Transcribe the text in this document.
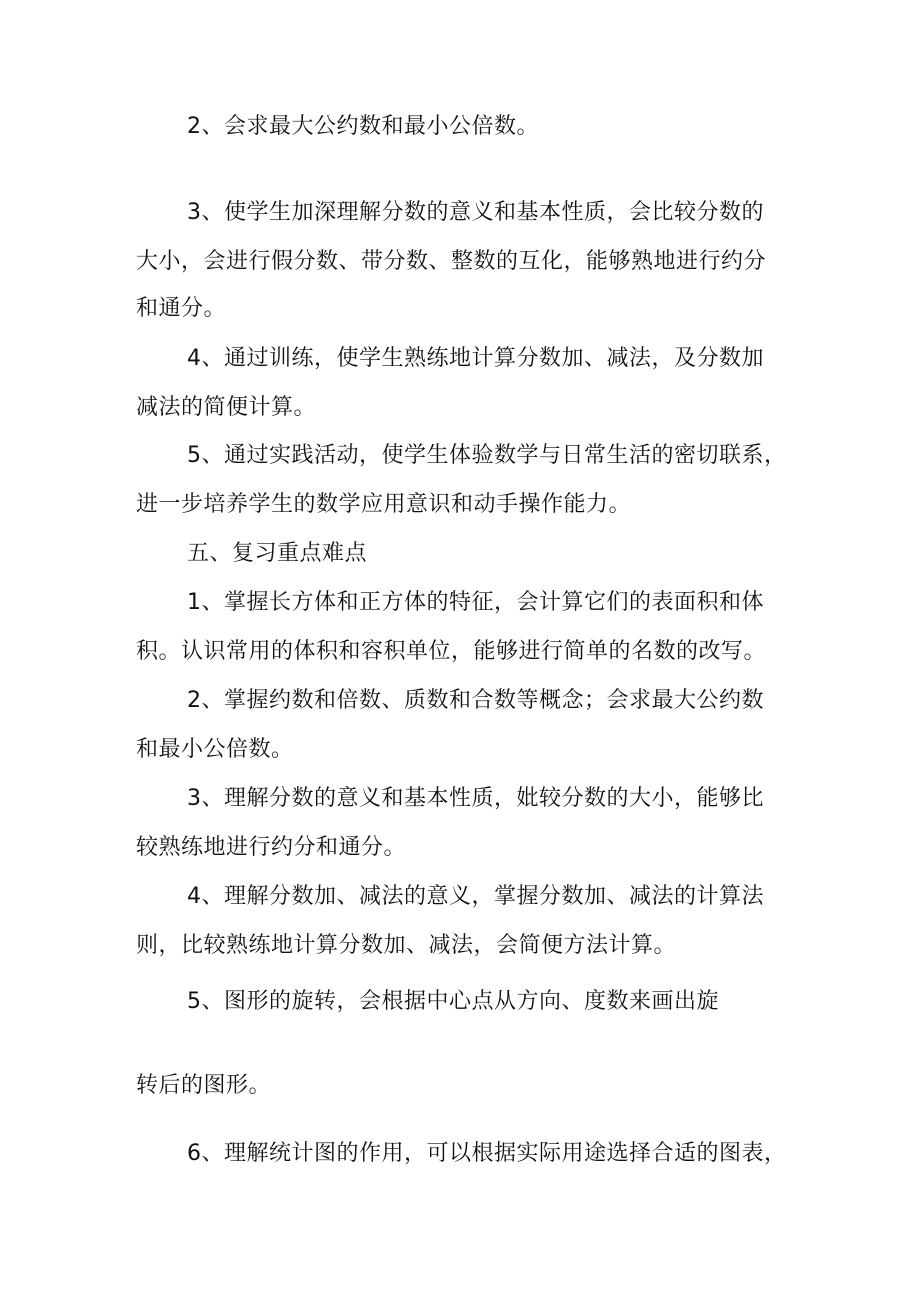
2、会求最大公约数和最小公倍数。
3、使学生加深理解分数的意义和基本性质，会比较分数的
大小，会进行假分数、带分数、整数的互化，能够熟地进行约分
和通分。
4、通过训练，使学生熟练地计算分数加、减法，及分数加
减法的简便计算。
5、通过实践活动，使学生体验数学与日常生活的密切联系，
进一步培养学生的数学应用意识和动手操作能力。
五、复习重点难点
1、掌握长方体和正方体的特征，会计算它们的表面积和体
积。认识常用的体积和容积单位，能够进行简单的名数的改写。
2、掌握约数和倍数、质数和合数等概念；会求最大公约数
和最小公倍数。
3、理解分数的意义和基本性质，妣较分数的大小，能够比
较熟练地进行约分和通分。
4、理解分数加、减法的意义，掌握分数加、减法的计算法
则，比较熟练地计算分数加、减法，会简便方法计算。
5、图形的旋转，会根据中心点从方向、度数来画出旋
转后的图形。
6、理解统计图的作用，可以根据实际用途选择合适的图表，
